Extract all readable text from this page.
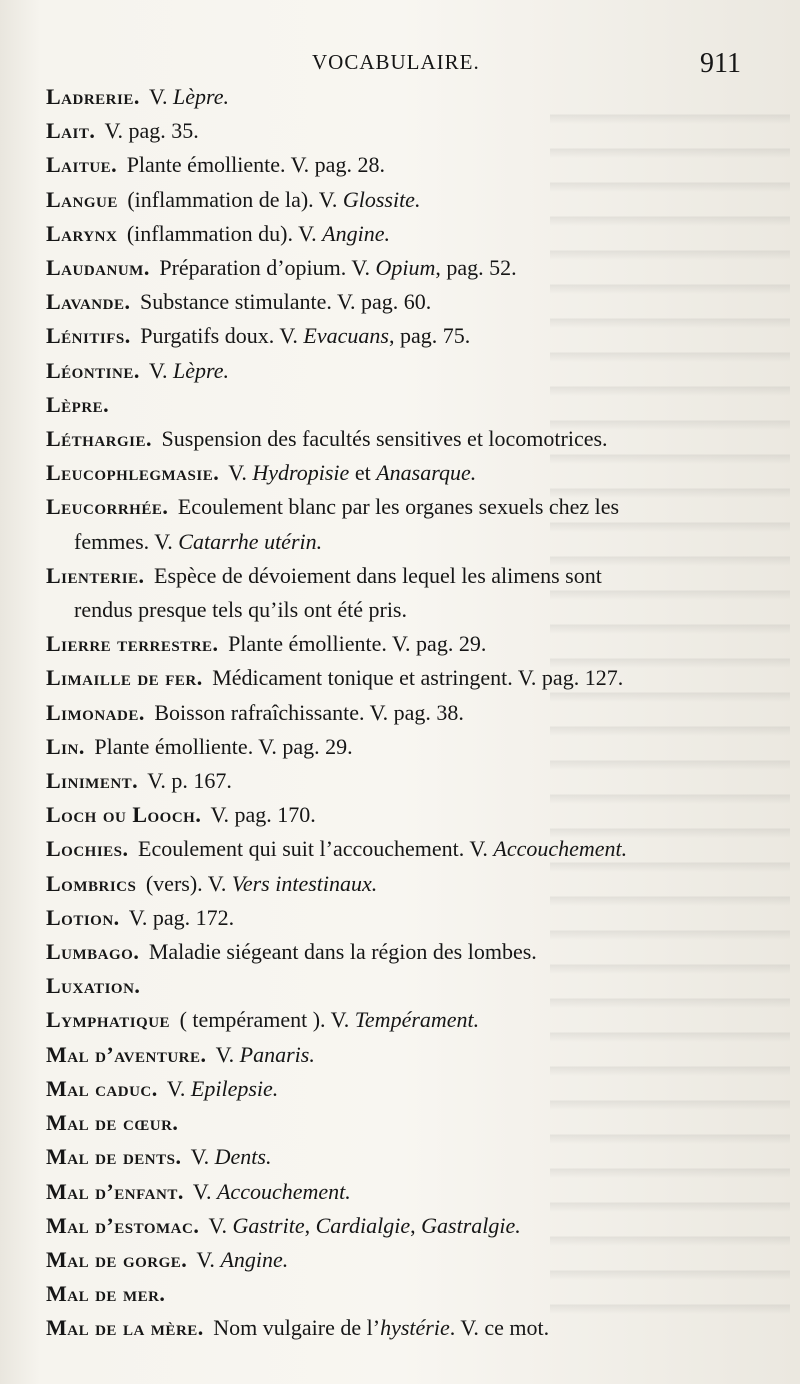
VOCABULAIRE.	911
Ladrerie. V. Lèpre.
Lait. V. pag. 35.
Laitue. Plante émolliente. V. pag. 28.
Langue (inflammation de la). V. Glossite.
Larynx (inflammation du). V. Angine.
Laudanum. Préparation d’opium. V. Opium, pag. 52.
Lavande. Substance stimulante. V. pag. 60.
Lénitifs. Purgatifs doux. V. Evacuans, pag. 75.
Léontine. V. Lèpre.
Lèpre.
Léthargie. Suspension des facultés sensitives et locomotrices.
Leucophlegmasie. V. Hydropisie et Anasarque.
Leucorrhée. Ecoulement blanc par les organes sexuels chez les
femmes. V. Catarrhe utérin.
Lienterie. Espèce de dévoiement dans lequel les alimens sont
rendus presque tels qu’ils ont été pris.
Lierre terrestre. Plante émolliente. V. pag. 29.
Limaille de fer. Médicament tonique et astringent. V. pag. 127.
Limonade. Boisson rafraîchissante. V. pag. 38.
Lin. Plante émolliente. V. pag. 29.
Liniment. V. p. 167.
Loch ou Looch. V. pag. 170.
Lochies. Ecoulement qui suit l’accouchement. V. Accouchement.
Lombrics (vers). V. Vers intestinaux.
Lotion. V. pag. 172.
Lumbago. Maladie siégeant dans la région des lombes.
Luxation.
Lymphatique ( tempérament ). V. Tempérament.
Mal d’aventure. V. Panaris.
Mal caduc. V. Epilepsie.
Mal de cœur.
Mal de dents. V. Dents.
Mal d’enfant. V. Accouchement.
Mal d’estomac. V. Gastrite, Cardialgie, Gastralgie.
Mal de gorge. V. Angine.
Mal de mer.
Mal de la mère. Nom vulgaire de l’hystérie. V. ce mot.
